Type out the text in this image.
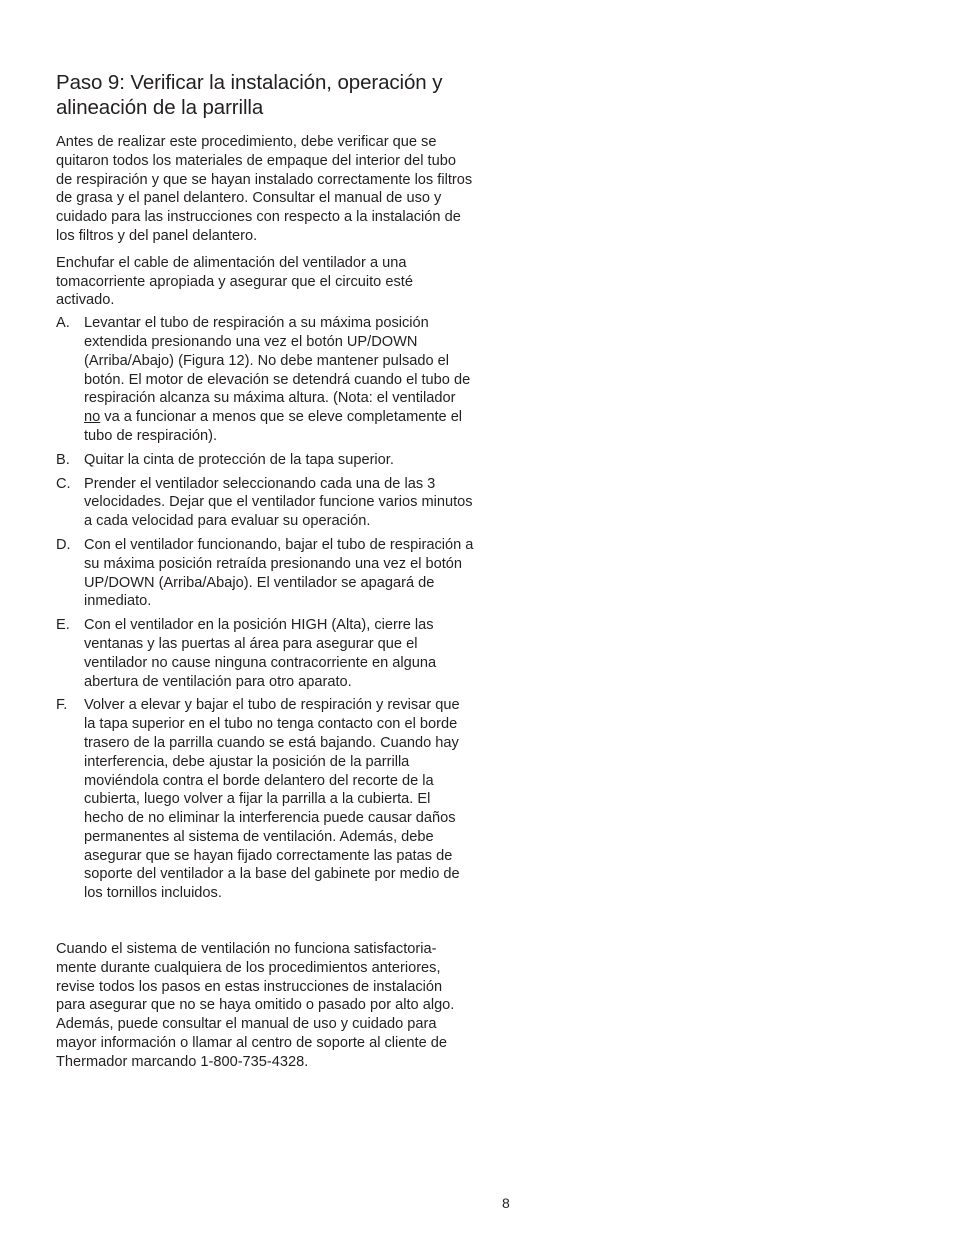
Paso 9: Verificar la instalación, operación y alineación de la parrilla

Antes de realizar este procedimiento, debe verificar que se quitaron todos los materiales de empaque del interior del tubo de respiración y que se hayan instalado correctamente los filtros de grasa y el panel delantero. Consultar el manual de uso y cuidado para las instrucciones con respecto a la instalación de los filtros y del panel delantero.

Enchufar el cable de alimentación del ventilador a una tomacorriente apropiada y asegurar que el circuito esté activado.

A. Levantar el tubo de respiración a su máxima posición extendida presionando una vez el botón UP/DOWN (Arriba/Abajo) (Figura 12). No debe mantener pulsado el botón. El motor de elevación se detendrá cuando el tubo de respiración alcanza su máxima altura. (Nota: el ventilador no va a funcionar a menos que se eleve completamente el tubo de respiración).
B. Quitar la cinta de protección de la tapa superior.
C. Prender el ventilador seleccionando cada una de las 3 velocidades. Dejar que el ventilador funcione varios minutos a cada velocidad para evaluar su operación.
D. Con el ventilador funcionando, bajar el tubo de respiración a su máxima posición retraída presionando una vez el botón UP/DOWN (Arriba/Abajo). El ventilador se apagará de inmediato.
E. Con el ventilador en la posición HIGH (Alta), cierre las ventanas y las puertas al área para asegurar que el ventilador no cause ninguna contracorriente en alguna abertura de ventilación para otro aparato.
F. Volver a elevar y bajar el tubo de respiración y revisar que la tapa superior en el tubo no tenga contacto con el borde trasero de la parrilla cuando se está bajando. Cuando hay interferencia, debe ajustar la posición de la parrilla moviéndola contra el borde delantero del recorte de la cubierta, luego volver a fijar la parrilla a la cubierta. El hecho de no eliminar la interferencia puede causar daños permanentes al sistema de ventilación. Además, debe asegurar que se hayan fijado correctamente las patas de soporte del ventilador a la base del gabinete por medio de los tornillos incluidos.

Cuando el sistema de ventilación no funciona satisfactoria-mente durante cualquiera de los procedimientos anteriores, revise todos los pasos en estas instrucciones de instalación para asegurar que no se haya omitido o pasado por alto algo. Además, puede consultar el manual de uso y cuidado para mayor información o llamar al centro de soporte al cliente de Thermador marcando 1-800-735-4328.

8
